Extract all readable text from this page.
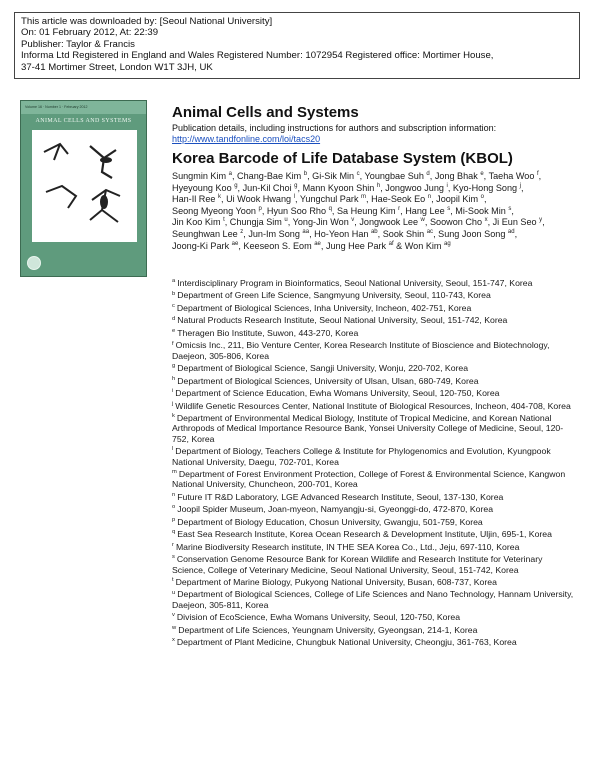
This article was downloaded by: [Seoul National University]
On: 01 February 2012, At: 22:39
Publisher: Taylor & Francis
Informa Ltd Registered in England and Wales Registered Number: 1072954 Registered office: Mortimer House,
37-41 Mortimer Street, London W1T 3JH, UK
Volume 16 · Number 1 · February 2012
ANIMAL CELLS AND SYSTEMS	Animal Cells and Systems
Publication details, including instructions for authors and subscription information:
http://www.tandfonline.com/loi/tacs20
Korea Barcode of Life Database System (KBOL)
Sungmin Kim $^a$, Chang-Bae Kim $^b$, Gi-Sik Min $^c$, Youngbae Suh $^d$, Jong Bhak $^e$, Taeha Woo $^f$, Hyeyoung Koo $^g$, Jun-Kil Choi $^g$, Mann Kyoon Shin $^h$, Jongwoo Jung $^i$, Kyo-Hong Song $^j$, Han-Il Ree $^k$, Ui Wook Hwang $^l$, Yungchul Park $^m$, Hae-Seok Eo $^n$, Joopil Kim $^o$, Seong Myeong Yoon $^p$, Hyun Soo Rho $^q$, Sa Heung Kim $^r$, Hang Lee $^s$, Mi-Sook Min $^s$, Jin Koo Kim $^t$, Chungja Sim $^u$, Yong-Jin Won $^v$, Jongwook Lee $^w$, Soowon Cho $^x$, Ji Eun Seo $^y$, Seunghwan Lee $^z$, Jun-Im Song $^{aa}$, Ho-Yeon Han $^{ab}$, Sook Shin $^{ac}$, Sung Joon Song $^{ad}$, Joong-Ki Park $^{ae}$, Keeseon S. Eom $^{ae}$, Jung Hee Park $^{af}$ & Won Kim $^{ag}$
$^a$ Interdisciplinary Program in Bioinformatics, Seoul National University, Seoul, 151-747, Korea
$^b$ Department of Green Life Science, Sangmyung University, Seoul, 110-743, Korea
$^c$ Department of Biological Sciences, Inha University, Incheon, 402-751, Korea
$^d$ Natural Products Research Institute, Seoul National University, Seoul, 151-742, Korea
$^e$ Theragen Bio Institute, Suwon, 443-270, Korea
$^f$ Omicsis Inc., 211, Bio Venture Center, Korea Research Institute of Bioscience and Biotechnology, Daejeon, 305-806, Korea
$^g$ Department of Biological Science, Sangji University, Wonju, 220-702, Korea
$^h$ Department of Biological Sciences, University of Ulsan, Ulsan, 680-749, Korea
$^i$ Department of Science Education, Ewha Womans University, Seoul, 120-750, Korea
$^j$ Wildlife Genetic Resources Center, National Institute of Biological Resources, Incheon, 404-708, Korea
$^k$ Department of Environmental Medical Biology, Institute of Tropical Medicine, and Korean National Arthropods of Medical Importance Resource Bank, Yonsei University College of Medicine, Seoul, 120-752, Korea
$^l$ Department of Biology, Teachers College & Institute for Phylogenomics and Evolution, Kyungpook National University, Daegu, 702-701, Korea
$^m$ Department of Forest Environment Protection, College of Forest & Environmental Science, Kangwon National University, Chuncheon, 200-701, Korea
$^n$ Future IT R&D Laboratory, LGE Advanced Research Institute, Seoul, 137-130, Korea
$^o$ Joopil Spider Museum, Joan-myeon, Namyangju-si, Gyeonggi-do, 472-870, Korea
$^p$ Department of Biology Education, Chosun University, Gwangju, 501-759, Korea
$^q$ East Sea Research Institute, Korea Ocean Research & Development Institute, Uljin, 695-1, Korea
$^r$ Marine Biodiversity Research institute, IN THE SEA Korea Co., Ltd., Jeju, 697-110, Korea
$^s$ Conservation Genome Resource Bank for Korean Wildlife and Research Institute for Veterinary Science, College of Veterinary Medicine, Seoul National University, Seoul, 151-742, Korea
$^t$ Department of Marine Biology, Pukyong National University, Busan, 608-737, Korea
$^u$ Department of Biological Sciences, College of Life Sciences and Nano Technology, Hannam University, Daejeon, 305-811, Korea
$^v$ Division of EcoScience, Ewha Womans University, Seoul, 120-750, Korea
$^w$ Department of Life Sciences, Yeungnam University, Gyeongsan, 214-1, Korea
$^x$ Department of Plant Medicine, Chungbuk National University, Cheongju, 361-763, Korea
